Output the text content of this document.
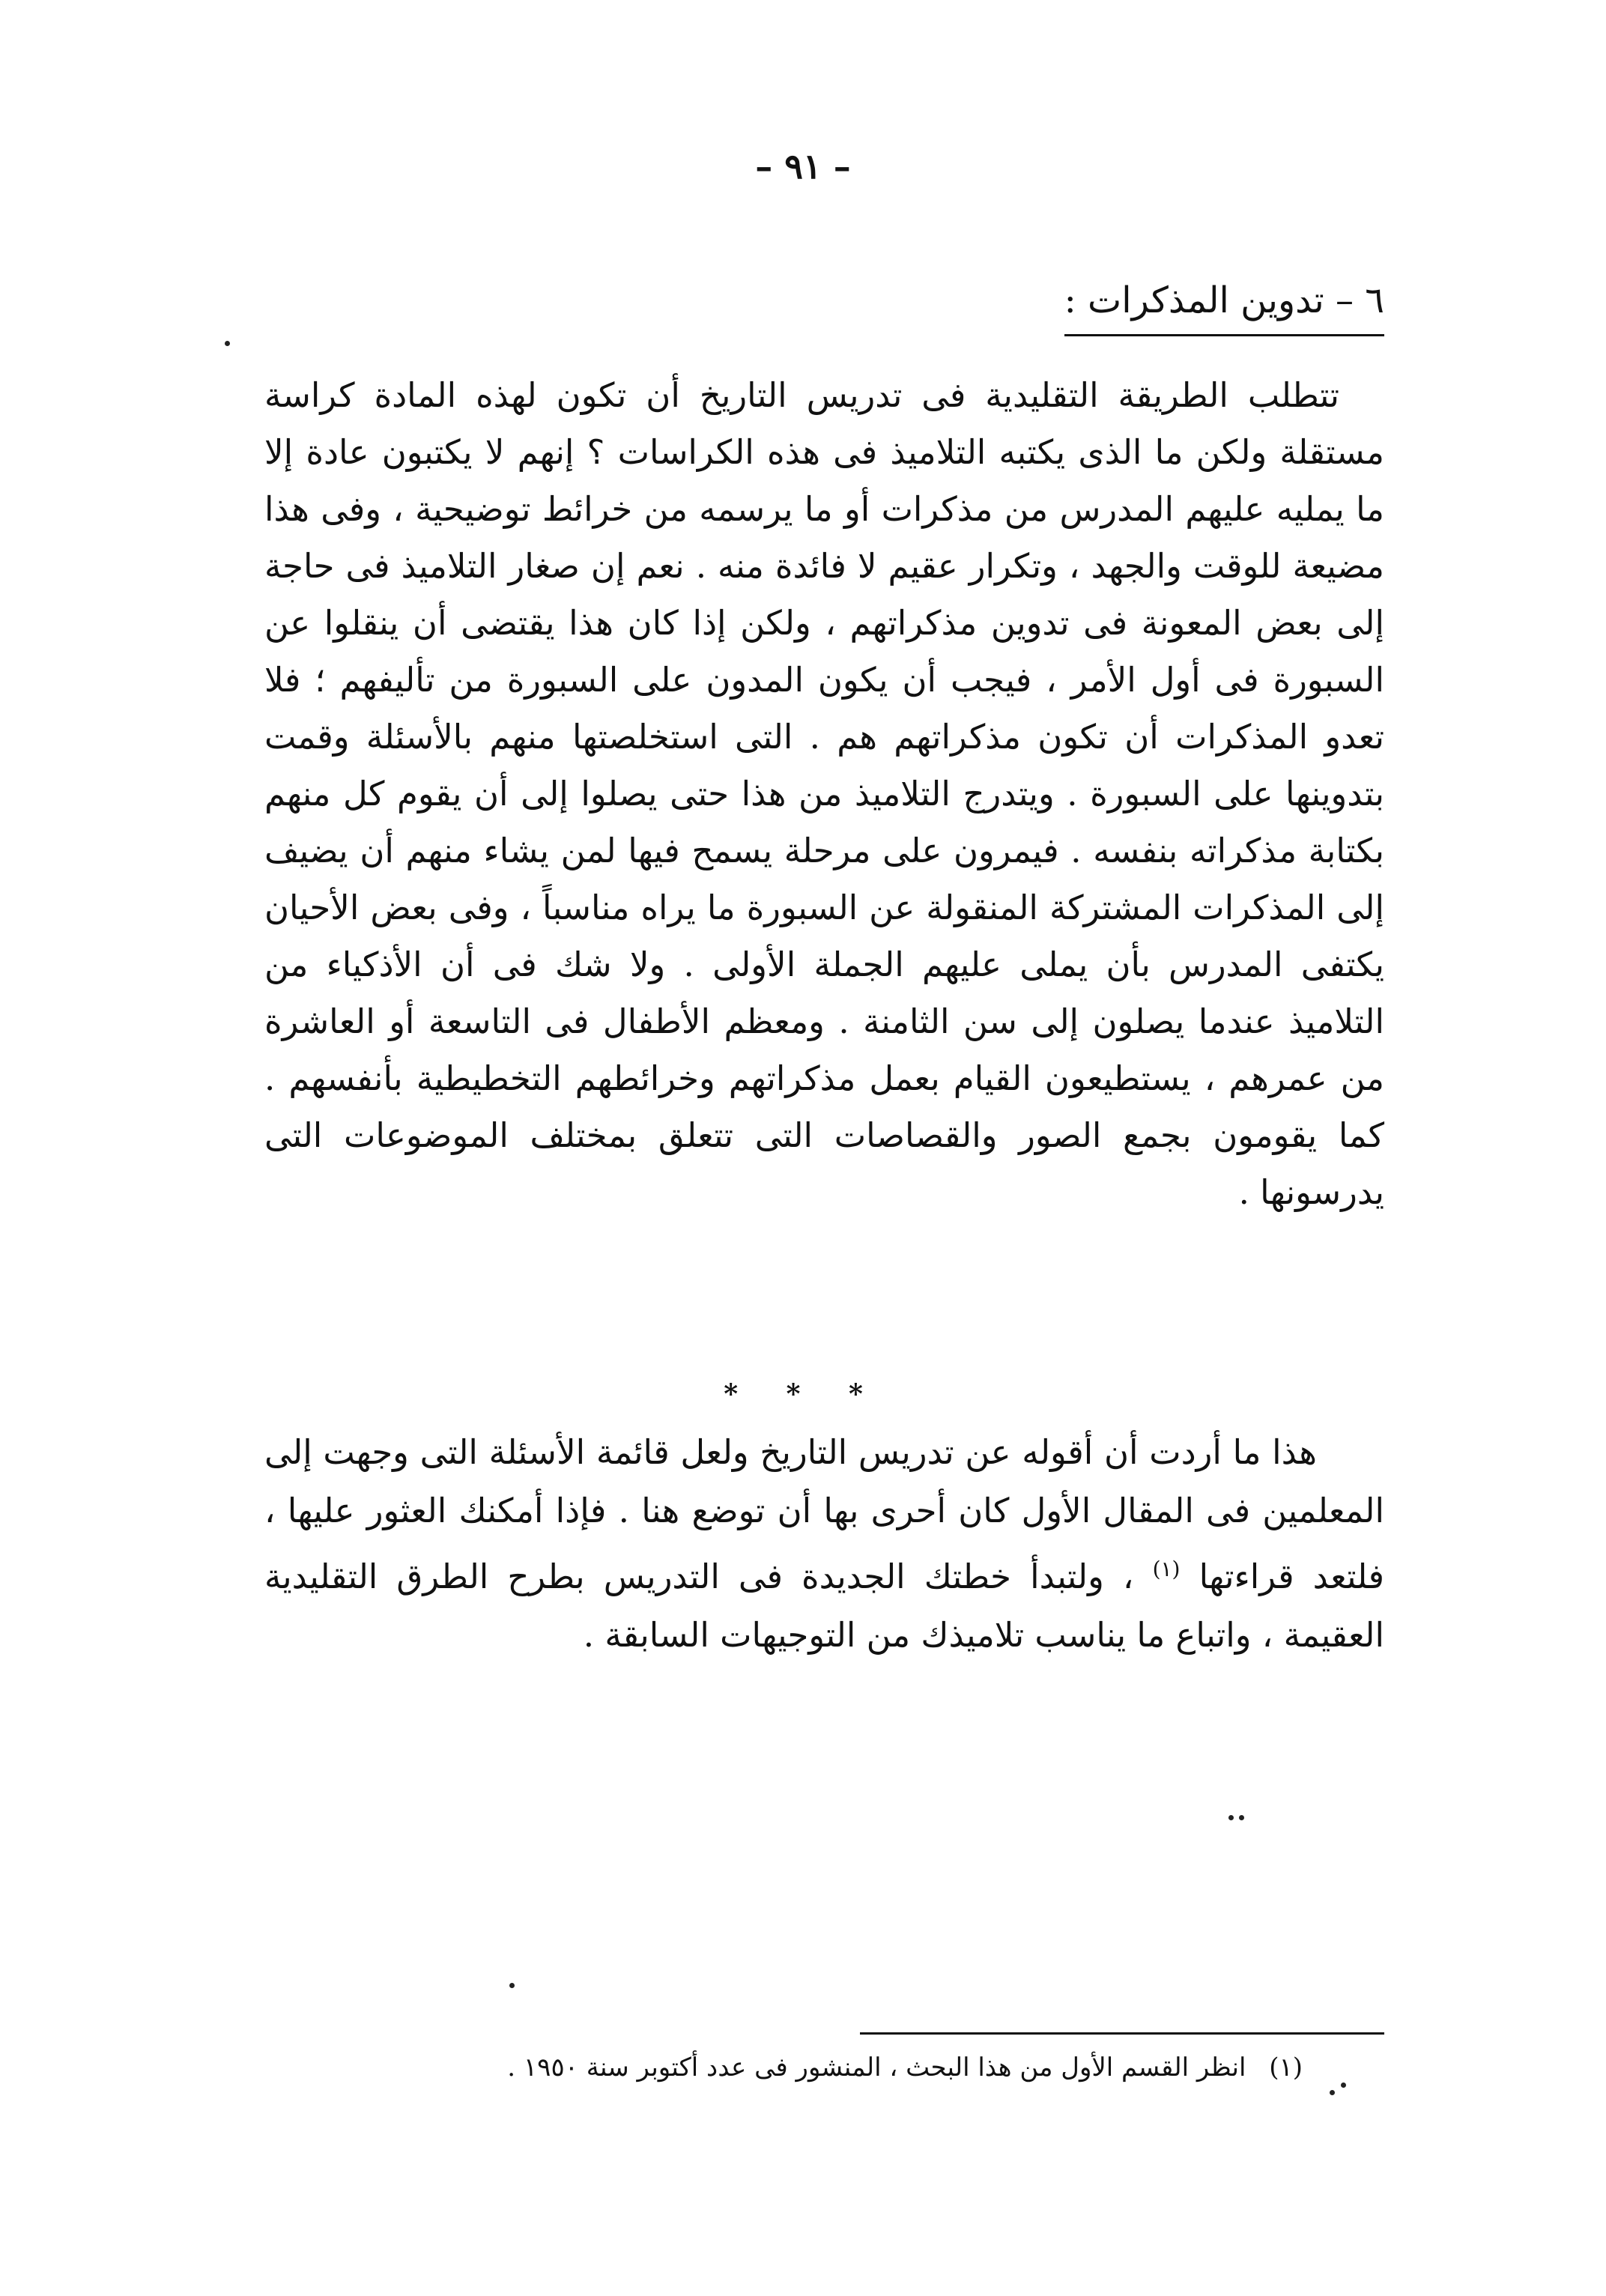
– ٩١ –
٦ – تدوين المذكرات :

تتطلب الطريقة التقليدية فى تدريس التاريخ أن تكون لهذه المادة كراسة مستقلة ولكن ما الذى يكتبه التلاميذ فى هذه الكراسات ؟ إنهم لا يكتبون عادة إلا ما يمليه عليهم المدرس من مذكرات أو ما يرسمه من خرائط توضيحية ، وفى هذا مضيعة للوقت والجهد ، وتكرار عقيم لا فائدة منه . نعم إن صغار التلاميذ فى حاجة إلى بعض المعونة فى تدوين مذكراتهم ، ولكن إذا كان هذا يقتضى أن ينقلوا عن السبورة فى أول الأمر ، فيجب أن يكون المدون على السبورة من تأليفهم ؛ فلا تعدو المذكرات أن تكون مذكراتهم هم . التى استخلصتها منهم بالأسئلة وقمت بتدوينها على السبورة . ويتدرج التلاميذ من هذا حتى يصلوا إلى أن يقوم كل منهم بكتابة مذكراته بنفسه . فيمرون على مرحلة يسمح فيها لمن يشاء منهم أن يضيف إلى المذكرات المشتركة المنقولة عن السبورة ما يراه مناسباً ، وفى بعض الأحيان يكتفى المدرس بأن يملى عليهم الجملة الأولى . ولا شك فى أن الأذكياء من التلاميذ عندما يصلون إلى سن الثامنة . ومعظم الأطفال فى التاسعة أو العاشرة من عمرهم ، يستطيعون القيام بعمل مذكراتهم وخرائطهم التخطيطية بأنفسهم . كما يقومون بجمع الصور والقصاصات التى تتعلق بمختلف الموضوعات التى يدرسونها .

* * *

هذا ما أردت أن أقوله عن تدريس التاريخ ولعل قائمة الأسئلة التى وجهت إلى المعلمين فى المقال الأول كان أحرى بها أن توضع هنا . فإذا أمكنك العثور عليها ، فلتعد قراءتها $^{(١)}$ ، ولتبدأ خطتك الجديدة فى التدريس بطرح الطرق التقليدية العقيمة ، واتباع ما يناسب تلاميذك من التوجيهات السابقة .

(١) انظر القسم الأول من هذا البحث ، المنشور فى عدد أكتوبر سنة ١٩٥٠ .
